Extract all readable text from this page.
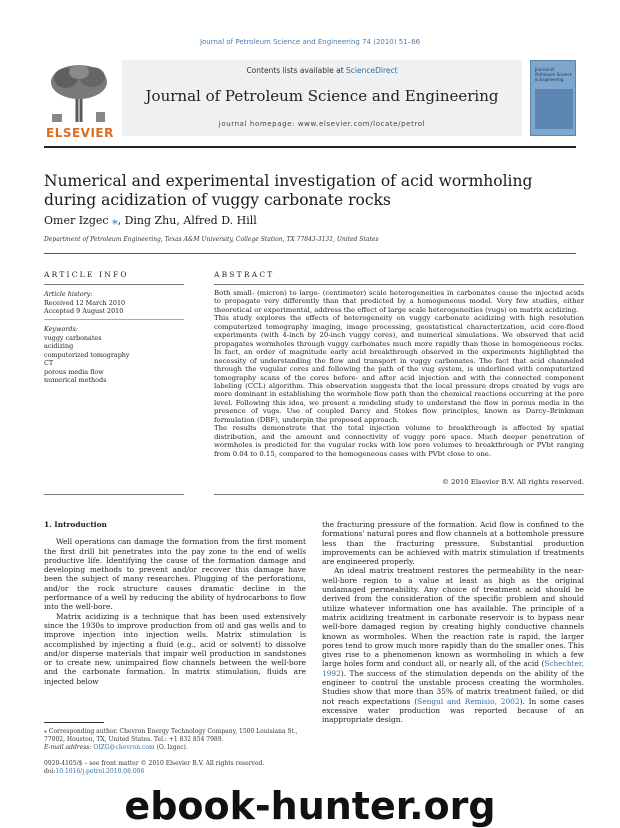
Journal of Petroleum Science and Engineering 74 (2010) 51–66
ELSEVIER
Contents lists available at ScienceDirect
Journal of Petroleum Science and Engineering
journal homepage: www.elsevier.com/locate/petrol
Journal of Petroleum Science & Engineering
Numerical and experimental investigation of acid wormholing during acidization of vuggy carbonate rocks
Omer Izgec ⁎, Ding Zhu, Alfred D. Hill
Department of Petroleum Engineering, Texas A&M University, College Station, TX 77843-3131, United States
ARTICLE INFO
Article history:
Received 12 March 2010
Accepted 9 August 2010
Keywords:
vuggy carbonates
acidizing
computerized tomography
CT
porous media flow
numerical methods
ABSTRACT

Both small- (micron) to large- (centimeter) scale heterogeneities in carbonates cause the injected acids to propagate very differently than that predicted by a homogeneous model. Very few studies, either theoretical or experimental, address the effect of large scale heterogeneities (vugs) on matrix acidizing.

This study explores the effects of heterogeneity on vuggy carbonate acidizing with high resolution computerized tomography imaging, image processing, geostatistical characterization, acid core-flood experiments (with 4-inch by 20-inch vuggy cores), and numerical simulations. We observed that acid propagates wormholes through vuggy carbonates much more rapidly than those in homogeneous rocks. In fact, an order of magnitude early acid breakthrough observed in the experiments highlighted the necessity of understanding the flow and transport in vuggy carbonates. The fact that acid channeled through the vugular cores and following the path of the vug system, is underlined with computerized tomography scans of the cores before- and after acid injection and with the connected component labeling (CCL) algorithm. This observation suggests that the local pressure drops created by vugs are more dominant in establishing the wormhole flow path than the chemical reactions occurring at the pore level. Following this idea, we present a modeling study to understand the flow in porous media in the presence of vugs. Use of coupled Darcy and Stokes flow principles, known as Darcy–Brinkman formulation (DBF), underpin the proposed approach.

The results demonstrate that the total injection volume to breakthrough is affected by spatial distribution, and the amount and connectivity of vuggy pore space. Much deeper penetration of wormholes is predicted for the vugular rocks with low pore volumes to breakthrough or PVbt ranging from 0.04 to 0.15, compared to the homogeneous cases with PVbt close to one.

© 2010 Elsevier B.V. All rights reserved.

1. Introduction

Well operations can damage the formation from the first moment the first drill bit penetrates into the pay zone to the end of wells productive life. Identifying the cause of the formation damage and developing methods to prevent and/or recover this damage have been the subject of many researches. Plugging of the perforations, and/or the rock structure causes dramatic decline in the performance of a well by reducing the ability of hydrocarbons to flow into the well-bore.

Matrix acidizing is a technique that has been used extensively since the 1930s to improve production from oil and gas wells and to improve injection into injection wells. Matrix stimulation is accomplished by injecting a fluid (e.g., acid or solvent) to dissolve and/or disperse materials that impair well production in sandstones or to create new, unimpaired flow channels between the well-bore and the carbonate formation. In matrix stimulation, fluids are injected below

the fracturing pressure of the formation. Acid flow is confined to the formations' natural pores and flow channels at a bottomhole pressure less than the fracturing pressure. Substantial production improvements can be achieved with matrix stimulation if treatments are engineered properly.

An ideal matrix treatment restores the permeability in the near-well-bore region to a value at least as high as the original undamaged permeability. Any choice of treatment acid should be derived from the consideration of the specific problem and should utilize whatever information one has available. The principle of a matrix acidizing treatment in carbonate reservoir is to bypass near well-bore damaged region by creating highly conductive channels known as wormholes. When the reaction rate is rapid, the larger pores tend to grow much more rapidly than do the smaller ones. This gives rise to a phenomenon known as wormholing in which a few large holes form and conduct all, or nearly all, of the acid (Schechter, 1992). The success of the stimulation depends on the ability of the engineer to control the unstable process creating the wormholes. Studies show that more than 35% of matrix treatment failed, or did not reach expectations (Sengul and Remisio, 2002). In some cases excessive water production was reported because of an inappropriate design.

⁎ Corresponding author. Chevron Energy Technology Company, 1500 Louisiana St., 77002, Houston, TX, United States. Tel.: +1 832 854 7989.
E-mail address: OIZG@chevron.com (O. Izgec).
0920-4105/$ – see front matter © 2010 Elsevier B.V. All rights reserved.
doi:10.1016/j.petrol.2010.08.006
ebook-hunter.org
